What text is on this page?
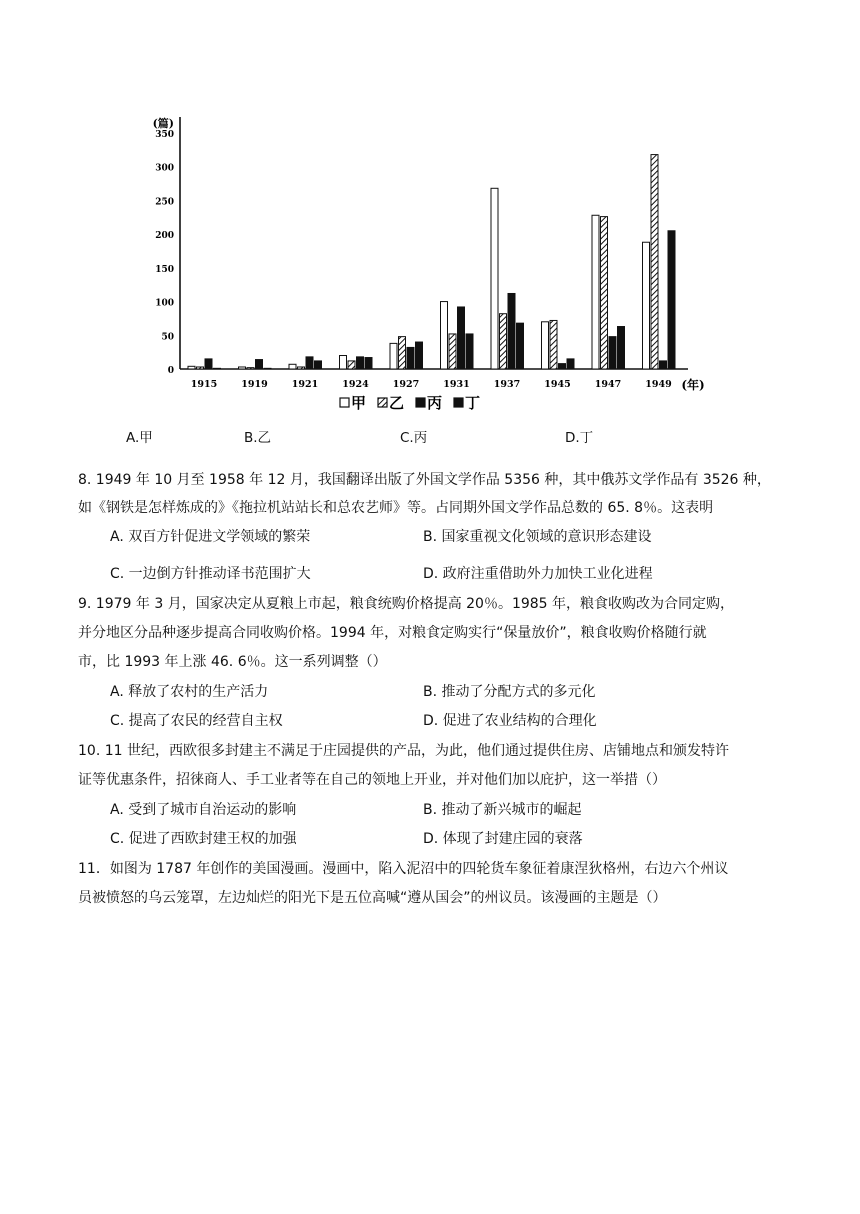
(篇)
0
50
100
150
200
250
300
350
1915	1919	1921	1924	1927	1931	1937	1945	1947	1949 (年)
甲 乙 丙 丁
A.甲	B.乙	C.丙	D.丁
8. 1949 年 10 月至 1958 年 12 月，我国翻译出版了外国文学作品 5356 种，其中俄苏文学作品有 3526 种，
如《钢铁是怎样炼成的》《拖拉机站站长和总农艺师》等。占同期外国文学作品总数的 65. 8％。这表明
A. 双百方针促进文学领域的繁荣	B. 国家重视文化领域的意识形态建设
C. 一边倒方针推动译书范围扩大	D. 政府注重借助外力加快工业化进程
9. 1979 年 3 月，国家决定从夏粮上市起，粮食统购价格提高 20％。1985 年，粮食收购改为合同定购，
并分地区分品种逐步提高合同收购价格。1994 年，对粮食定购实行“保量放价”，粮食收购价格随行就
市，比 1993 年上涨 46. 6％。这一系列调整（）
A. 释放了农村的生产活力	B. 推动了分配方式的多元化
C. 提高了农民的经营自主权	D. 促进了农业结构的合理化
10. 11 世纪，西欧很多封建主不满足于庄园提供的产品，为此，他们通过提供住房、店铺地点和颁发特许
证等优惠条件，招徕商人、手工业者等在自己的领地上开业，并对他们加以庇护，这一举措（）
A. 受到了城市自治运动的影响	B. 推动了新兴城市的崛起
C. 促进了西欧封建王权的加强	D. 体现了封建庄园的衰落
11．如图为 1787 年创作的美国漫画。漫画中，陷入泥沼中的四轮货车象征着康涅狄格州，右边六个州议
员被愤怒的乌云笼罩，左边灿烂的阳光下是五位高喊“遵从国会”的州议员。该漫画的主题是（）
